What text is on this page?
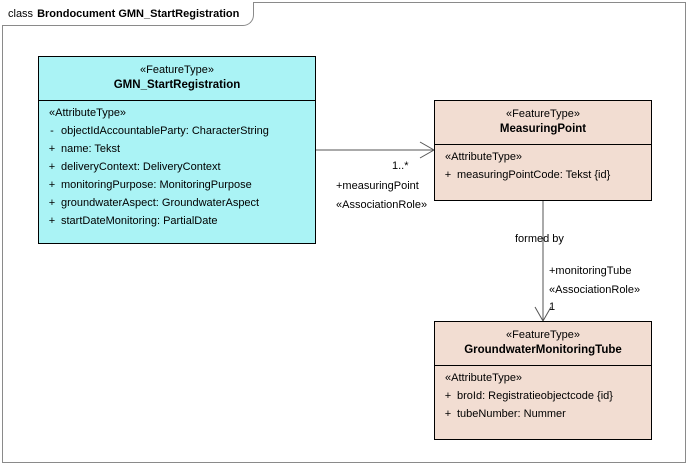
class Brondocument GMN_StartRegistration
«FeatureType»
GMN_StartRegistration
«AttributeType»
- objectIdAccountableParty: CharacterString
+ name: Tekst
+ deliveryContext: DeliveryContext
+ monitoringPurpose: MonitoringPurpose
+ groundwaterAspect: GroundwaterAspect
+ startDateMonitoring: PartialDate
«FeatureType»
MeasuringPoint
«AttributeType»
+ measuringPointCode: Tekst {id}
«FeatureType»
GroundwaterMonitoringTube
«AttributeType»
+ broId: Registratieobjectcode {id}
+ tubeNumber: Nummer
1..*
+measuringPoint
«AssociationRole»
formed by
+monitoringTube
«AssociationRole»
1
